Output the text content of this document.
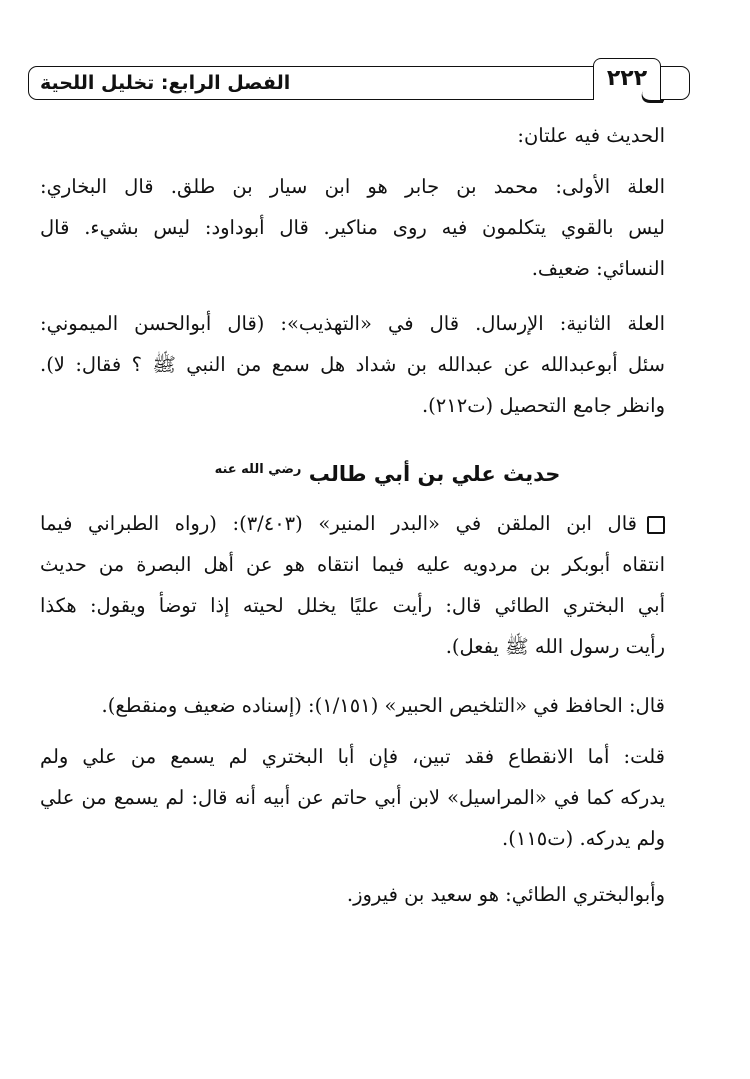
الفصل الرابع: تخليل اللحية	٢٢٢
الحديث فيه علتان:
العلة الأولى: محمد بن جابر هو ابن سيار بن طلق. قال البخاري:
ليس بالقوي يتكلمون فيه روى مناكير. قال أبوداود: ليس بشيء. قال
النسائي: ضعيف.
العلة الثانية: الإرسال. قال في «التهذيب»: (قال أبوالحسن الميموني:
سئل أبوعبدالله عن عبدالله بن شداد هل سمع من النبي ﷺ ؟ فقال: لا).
وانظر جامع التحصيل (ت٢١٢).
حديث علي بن أبي طالب $^{رضي الله عنه}$
قال ابن الملقن في «البدر المنير» (٣/٤٠٣): (رواه الطبراني فيما
انتقاه أبوبكر بن مردويه عليه فيما انتقاه هو عن أهل البصرة من حديث
أبي البختري الطائي قال: رأيت عليًا يخلل لحيته إذا توضأ ويقول: هكذا
رأيت رسول الله ﷺ يفعل).
قال: الحافظ في «التلخيص الحبير» (١/١٥١): (إسناده ضعيف ومنقطع).
قلت: أما الانقطاع فقد تبين، فإن أبا البختري لم يسمع من علي ولم
يدركه كما في «المراسيل» لابن أبي حاتم عن أبيه أنه قال: لم يسمع من علي
ولم يدركه. (ت١١٥).
وأبوالبختري الطائي: هو سعيد بن فيروز.
